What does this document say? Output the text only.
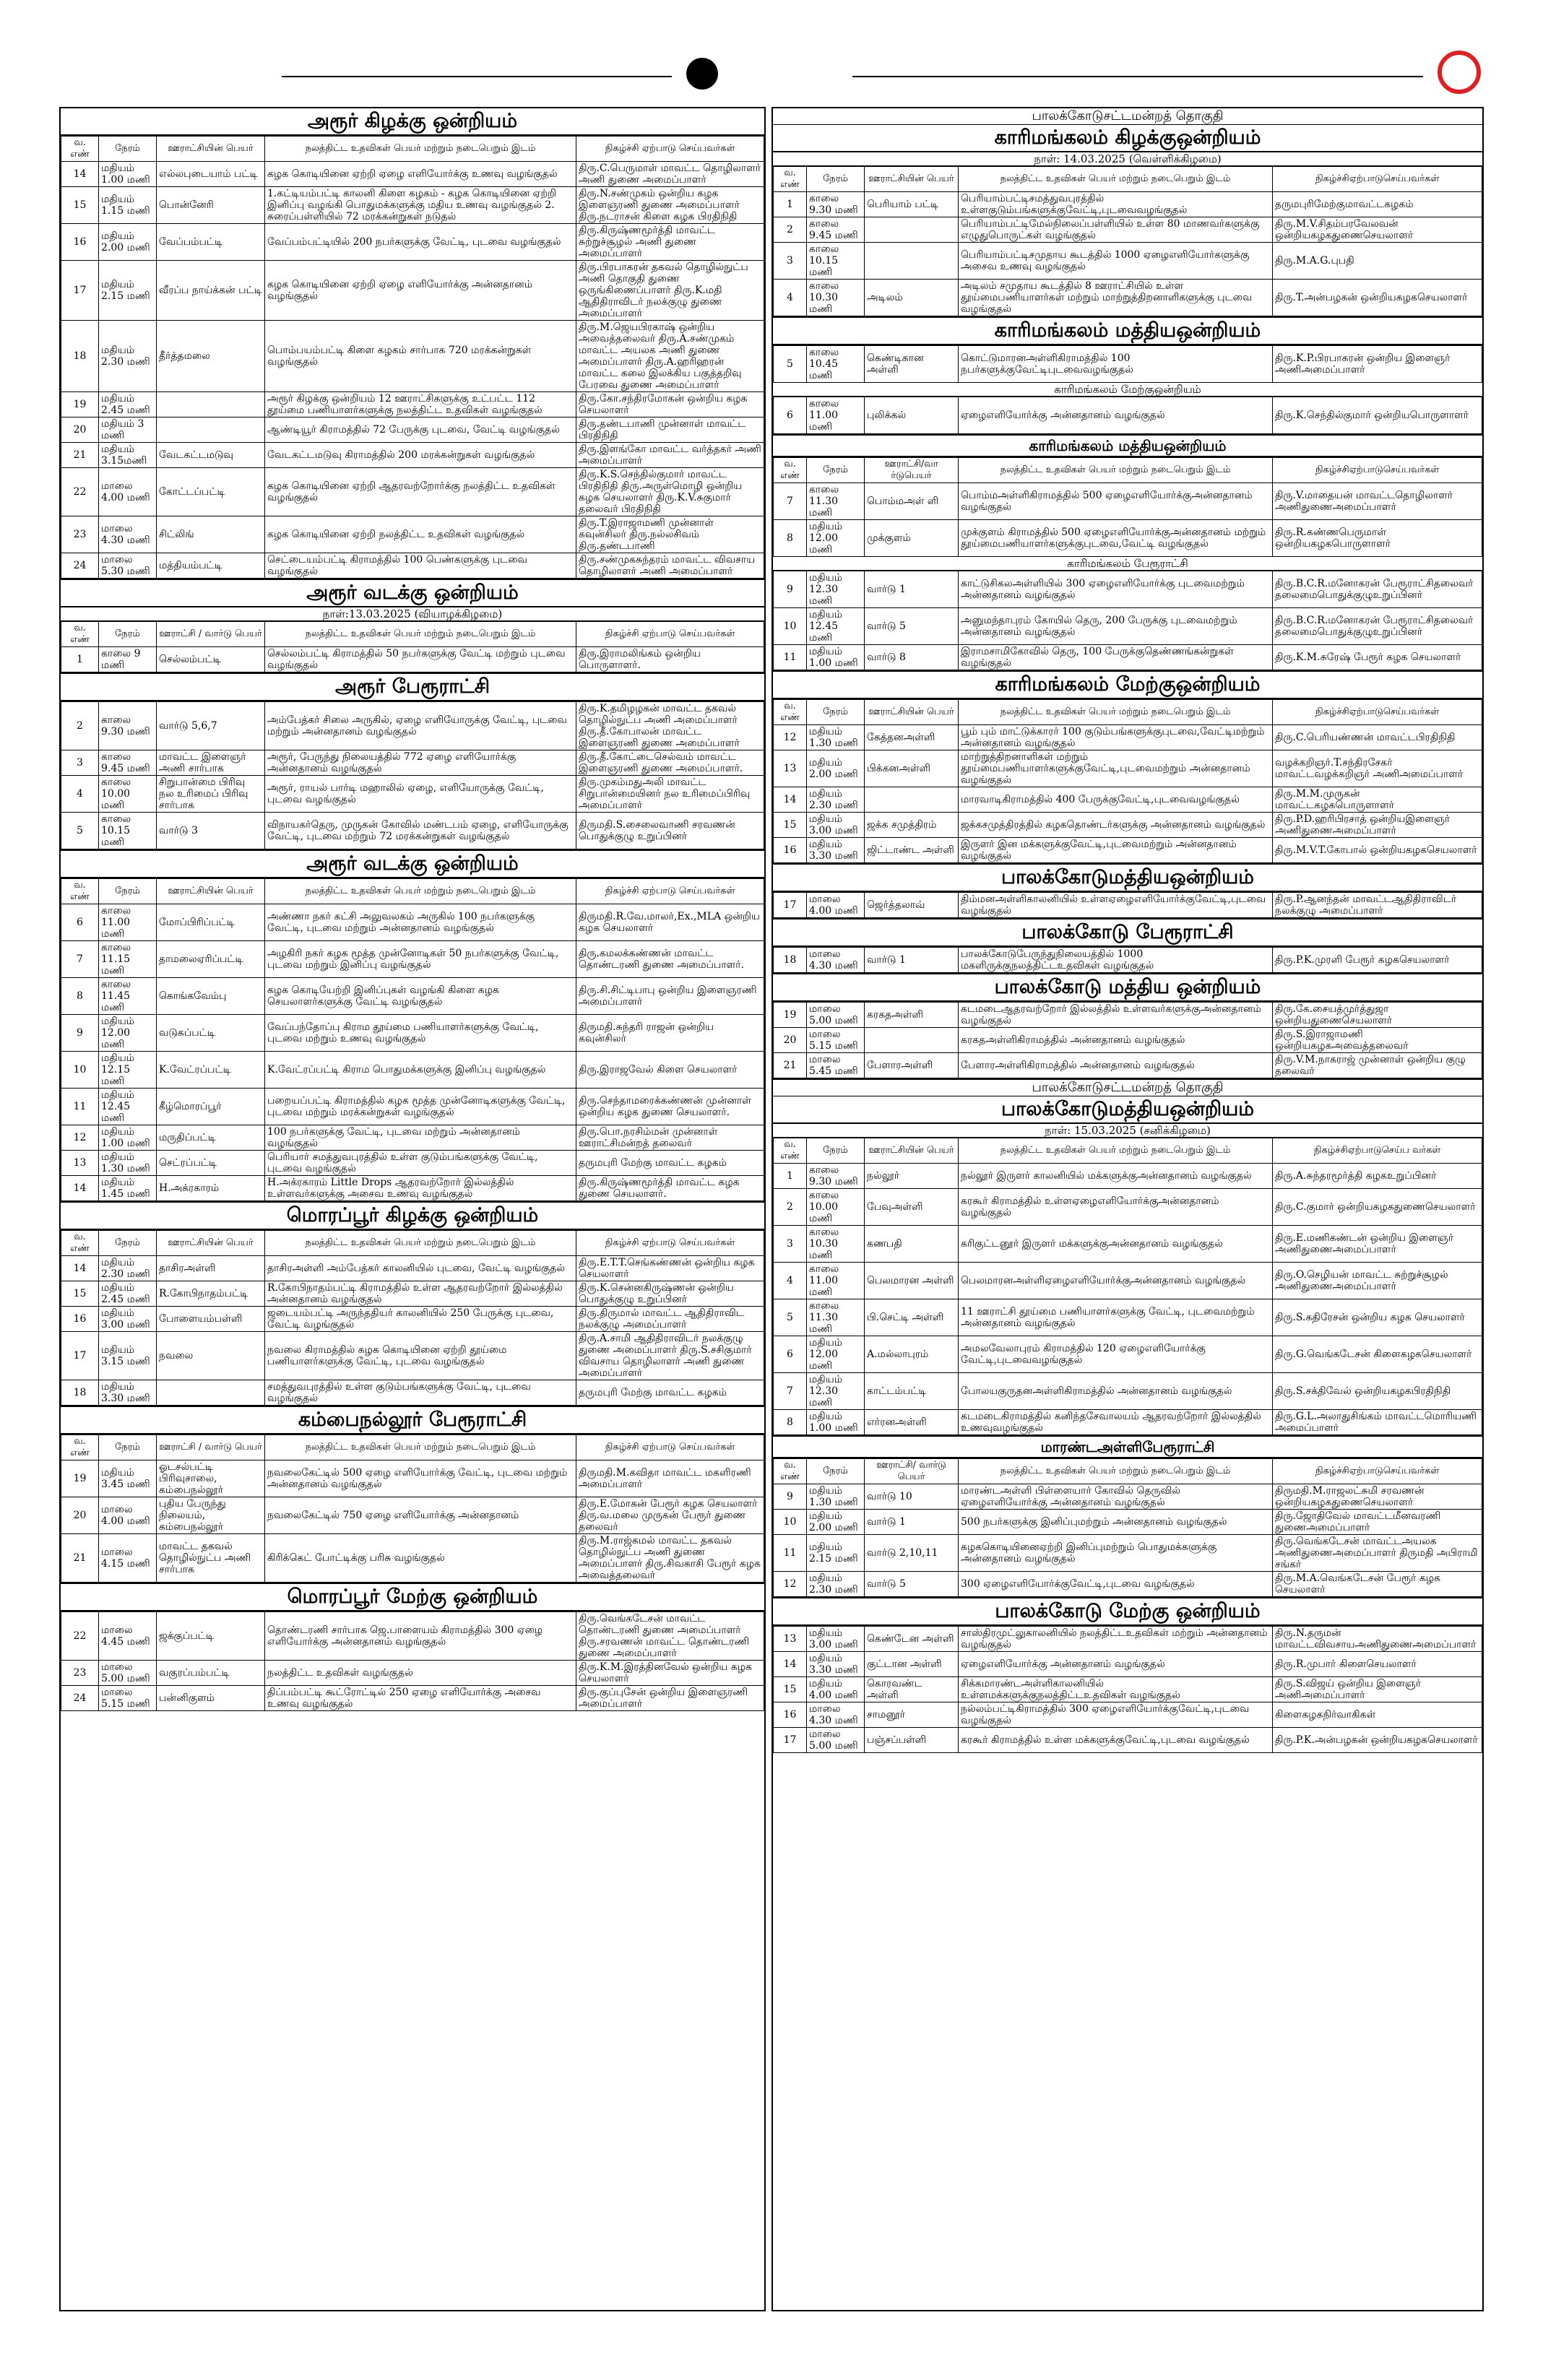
அரூர் கிழக்கு ஒன்றியம்
வ. எண்	நேரம்	ஊராட்சியின் பெயர்	நலத்திட்ட உதவிகள் பெயர் மற்றும் நடைபெறும் இடம்	நிகழ்ச்சி ஏற்பாடு செய்பவர்கள்
14	மதியம் 1.00 மணி	எல்லபுடையாம் பட்டி	கழக கொடியினை ஏற்றி ஏழை எளியோர்க்கு உணவு வழங்குதல்	திரு.C.பெருமாள் மாவட்ட தொழிலாளர் அணி துணை அமைப்பாளர்
15	மதியம் 1.15 மணி	பொன்னேரி	1.கட்டியம்பட்டி காலனி கிளை கழகம் - கழக கொடியினை ஏற்றி இனிப்பு வழங்கி பொதுமக்களுக்கு மதிய உணவு வழங்குதல் 2. சுரைப்பள்ளியில் 72 மரக்கன்றுகள் நடுதல்	திரு.N.சண்முகம் ஒன்றிய கழக இளைஞரணி துணை அமைப்பாளர் திரு.நடராசன் கிளை கழக பிரதிநிதி
16	மதியம் 2.00 மணி	வேப்பம்பட்டி	வேப்பம்பட்டியில் 200 நபர்களுக்கு வேட்டி, புடவை வழங்குதல்	திரு.கிருஷ்ணமூர்த்தி மாவட்ட சுற்றுச்சூழல் அணி துணை அமைப்பாளர்
17	மதியம் 2.15 மணி	வீரப்ப நாய்க்கன் பட்டி	கழக கொடியினை ஏற்றி ஏழை எளியோர்க்கு அன்னதானம் வழங்குதல்	திரு.பிரபாகரன் தகவல் தொழில்நுட்ப அணி தொகுதி துணை ஒருங்கிணைப்பாளர் திரு.K.மதி ஆதிதிராவிடர் நலக்குழு துணை அமைப்பாளர்
18	மதியம் 2.30 மணி	தீர்த்தமலை	பொம்பயம்பட்டி கிளை கழகம் சார்பாக 720 மரக்கன்றுகள் வழங்குதல்	திரு.M.ஜெயபிரகாஷ் ஒன்றிய அவைத்தலைவர் திரு.A.சண்முகம் மாவட்ட அயலக அணி துணை அமைப்பாளர் திரு.A.ஹரிஹரன் மாவட்ட கலை இலக்கிய பகுத்தறிவு பேரவை துணை அமைப்பாளர்
19	மதியம் 2.45 மணி		அரூர் கிழக்கு ஒன்றியம் 12 ஊராட்சிகளுக்கு உட்பட்ட 112 தூய்மை பணியாளர்களுக்கு நலத்திட்ட உதவிகள் வழங்குதல்	திரு.கோ.சந்திரமோகன் ஒன்றிய கழக செயலாளர்
20	மதியம் 3 மணி		ஆண்டியூர் கிராமத்தில் 72 பேருக்கு புடவை, வேட்டி வழங்குதல்	திரு.தண்டபாணி முன்னாள் மாவட்ட பிரதிநிதி
21	மதியம் 3.15மணி	வேடகட்டமடுவு	வேடகட்டமடுவு கிராமத்தில் 200 மரக்கன்றுகள் வழங்குதல்	திரு.இளங்கோ மாவட்ட வர்த்தகர் அணி அமைப்பாளர்
22	மாலை 4.00 மணி	கோட்டப்பட்டி	கழக கொடியினை ஏற்றி ஆதரவற்றோர்க்கு நலத்திட்ட உதவிகள் வழங்குதல்	திரு.K.S.செந்தில்குமார் மாவட்ட பிரதிநிதி திரு.அருள்மொழி ஒன்றிய கழக செயலாளர் திரு.K.V.சுகுமார் தலைவர் பிரதிநிதி
23	மாலை 4.30 மணி	சிட்லிங்	கழக கொடியினை ஏற்றி நலத்திட்ட உதவிகள் வழங்குதல்	திரு.T.இராஜாமணி முன்னாள் கவுன்சிலர் திரு.நல்லசிவம் திரு.தண்டபாணி
24	மாலை 5.30 மணி	மத்தியம்பட்டி	செட்டையம்பட்டி கிராமத்தில் 100 பெண்களுக்கு புடவை வழங்குதல்	திரு.சண்முகசுந்தரம் மாவட்ட விவசாய தொழிலாளர் அணி அமைப்பாளர்
அரூர் வடக்கு ஒன்றியம்
நாள்:13.03.2025 (வியாழக்கிழமை)
வ. எண்	நேரம்	ஊராட்சி / வார்டு பெயர்	நலத்திட்ட உதவிகள் பெயர் மற்றும் நடைபெறும் இடம்	நிகழ்ச்சி ஏற்பாடு செய்பவர்கள்
1	காலை 9 மணி	செல்லம்பட்டி	செல்லம்பட்டி கிராமத்தில் 50 நபர்களுக்கு வேட்டி மற்றும் புடவை வழங்குதல்	திரு.இராமலிங்கம் ஒன்றிய பொருளாளர்.
அரூர் பேரூராட்சி
2	காலை 9.30 மணி	வார்டு 5,6,7	அம்பேத்கர் சிலை அருகில், ஏழை எளியோருக்கு வேட்டி, புடவை மற்றும் அன்னதானம் வழங்குதல்	திரு.K.தமிழழகன் மாவட்ட தகவல் தொழில்நுட்ப அணி அமைப்பாளர் திரு.தீ.கோபாலன் மாவட்ட இளைஞரணி துணை அமைப்பாளர்
3	காலை 9.45 மணி	மாவட்ட இளைஞர் அணி சார்பாக	அரூர், பேருந்து நிலையத்தில் 772 ஏழை எளியோர்க்கு அன்னதானம் வழங்குதல்	திரு.தீ.கோட்டைசெல்வம் மாவட்ட இளைஞரணி துணை அமைப்பாளர்.
4	காலை 10.00 மணி	சிறுபான்மை பிரிவு நல உரிமைப் பிரிவு சார்பாக	அரூர், ராயல் பார்டி மஹாலில் ஏழை, எளியோருக்கு வேட்டி, புடவை வழங்குதல்	திரு.முகம்மதுஅலி மாவட்ட சிறுபான்மையினர் நல உரிமைப்பிரிவு அமைப்பாளர்
5	காலை 10.15 மணி	வார்டு 3	விநாயகர்தெரு, முருகன் கோவில் மண்டபம் ஏழை, எளியோருக்கு வேட்டி, புடவை மற்றும் 72 மரக்கன்றுகள் வழங்குதல்	திருமதி.S.சைலைவாணி சரவணன் பொதுக்குழு உறுப்பினர்
அரூர் வடக்கு ஒன்றியம்
வ. எண்	நேரம்	ஊராட்சியின் பெயர்	நலத்திட்ட உதவிகள் பெயர் மற்றும் நடைபெறும் இடம்	நிகழ்ச்சி ஏற்பாடு செய்பவர்கள்
6	காலை 11.00 மணி	மோப்பிரிப்பட்டி	அண்ணா நகர் கட்சி அலுவலகம் அருகில் 100 நபர்களுக்கு வேட்டி, புடவை மற்றும் அன்னதானம் வழங்குதல்	திருமதி.R.வே.மாலர்,Ex.,MLA ஒன்றிய கழக செயலாளர்
7	காலை 11.15 மணி	தாமலைஏரிப்பட்டி	அழகிரி நகர் கழக மூத்த முன்னோடிகள் 50 நபர்களுக்கு வேட்டி, புடவை மற்றும் இனிப்பு வழங்குதல்	திரு.கமலக்கண்ணன் மாவட்ட தொண்டரணி துணை அமைப்பாளர்.
8	காலை 11.45 மணி	கொங்கவேம்பு	கழக கொடியேற்றி இனிப்புகள் வழங்கி கிளை கழக செயலாளர்களுக்கு வேட்டி வழங்குதல்	திரு.சி.சிட்டிபாபு ஒன்றிய இளைஞரணி அமைப்பாளர்
9	மதியம் 12.00 மணி	வடுகப்பட்டி	வேப்பந்தோப்பு கிராம தூய்மை பணியாளர்களுக்கு வேட்டி, புடவை மற்றும் உணவு வழங்குதல்	திருமதி.சுந்தரி ராஜன் ஒன்றிய கவுன்சிலர்
10	மதியம் 12.15 மணி	K.வேட்ரப்பட்டி	K.வேட்ரப்பட்டி கிராம பொதுமக்களுக்கு இனிப்பு வழங்குதல்	திரு.இராஜவேல் கிளை செயலாளர்
11	மதியம் 12.45 மணி	கீழ்மொரப்பூர்	பறையப்பட்டி கிராமத்தில் கழக மூத்த முன்னோடிகளுக்கு வேட்டி, புடவை மற்றும் மரக்கன்றுகள் வழங்குதல்	திரு.செந்தாமரைக்கண்ணன் முன்னாள் ஒன்றிய கழக துணை செயலாளர்.
12	மதியம் 1.00 மணி	மருதிப்பட்டி	100 நபர்களுக்கு வேட்டி, புடவை மற்றும் அன்னதானம் வழங்குதல்	திரு.பொ.நரசிம்மன் முன்னாள் ஊராட்சிமன்றத் தலைவர்
13	மதியம் 1.30 மணி	செட்ரப்பட்டி	பெரியார் சமத்துவபுரத்தில் உள்ள குடும்பங்களுக்கு வேட்டி, புடவை வழங்குதல்	தருமபுரி மேற்கு மாவட்ட கழகம்
14	மதியம் 1.45 மணி	H.அக்ரகாரம்	H.அக்ரகாரம் Little Drops ஆதரவற்றோர் இல்லத்தில் உள்ளவர்களுக்கு அசைவ உணவு வழங்குதல்	திரு.கிருஷ்ணமூர்த்தி மாவட்ட கழக துணை செயலாளர்.
மொரப்பூர் கிழக்கு ஒன்றியம்
வ. எண்	நேரம்	ஊராட்சியின் பெயர்	நலத்திட்ட உதவிகள் பெயர் மற்றும் நடைபெறும் இடம்	நிகழ்ச்சி ஏற்பாடு செய்பவர்கள்
14	மதியம் 2.30 மணி	தாசிரஅள்ளி	தாசிரஅள்ளி அம்பேத்கர் காலனியில் புடவை, வேட்டி வழங்குதல்	திரு.E.T.T.செங்கண்ணன் ஒன்றிய கழக செயலாளர்
15	மதியம் 2.45 மணி	R.கோபிநாதம்பட்டி	R.கோபிநாதம்பட்டி கிராமத்தில் உள்ள ஆதரவற்றோர் இல்லத்தில் அன்னதானம் வழங்குதல்	திரு.K.சென்னகிருஷ்ணன் ஒன்றிய பொதுக்குழு உறுப்பினர்
16	மதியம் 3.00 மணி	போளையம்பள்ளி	ஜடையம்பட்டி அருந்ததியர் காலனியில் 250 பேருக்கு புடவை, வேட்டி வழங்குதல்	திரு.திருமால் மாவட்ட ஆதிதிராவிட நலக்குழு அமைப்பாளர்
17	மதியம் 3.15 மணி	நவலை	நவலை கிராமத்தில் கழக கொடியினை ஏற்றி தூய்மை பணியாளர்களுக்கு வேட்டி, புடவை வழங்குதல்	திரு.A.சாமி ஆதிதிராவிடர் நலக்குழு துணை அமைப்பாளர் திரு.S.சசிகுமார் விவசாய தொழிலாளர் அணி துணை அமைப்பாளர்
18	மதியம் 3.30 மணி		சமத்துவபுரத்தில் உள்ள குடும்பங்களுக்கு வேட்டி, புடவை வழங்குதல்	தருமபுரி மேற்கு மாவட்ட கழகம்
கம்பைநல்லூர் பேரூராட்சி
வ. எண்	நேரம்	ஊராட்சி / வார்டு பெயர்	நலத்திட்ட உதவிகள் பெயர் மற்றும் நடைபெறும் இடம்	நிகழ்ச்சி ஏற்பாடு செய்பவர்கள்
19	மதியம் 3.45 மணி	ஓடசல்பட்டி பிரிவுசாலை, கம்பைநல்லூர்	நவலைகேட்டில் 500 ஏழை எளியோர்க்கு வேட்டி, புடவை மற்றும் அன்னதானம் வழங்குதல்	திருமதி.M.கவிதா மாவட்ட மகளிரணி அமைப்பாளர்
20	மாலை 4.00 மணி	புதிய பேருந்து நிலையம், கம்பைநல்லூர்	நவலைகேட்டில் 750 ஏழை எளியோர்க்கு அன்னதானம்	திரு.E.மோகன் பேரூர் கழக செயலாளர் திரு.வ.மலை முருகன் பேரூர் துணை தலைவர்
21	மாலை 4.15 மணி	மாவட்ட தகவல் தொழில்நுட்ப அணி சார்பாக	கிரிக்கெட் போட்டிக்கு பரிசு வழங்குதல்	திரு.M.ராஜ்கமல் மாவட்ட தகவல் தொழில்நுட்ப அணி துணை அமைப்பாளர் திரு.சிவகாசி பேரூர் கழக அவைத்தலைவர்
மொரப்பூர் மேற்கு ஒன்றியம்
22	மாலை 4.45 மணி	ஜக்குப்பட்டி	தொண்டரணி சார்பாக ஜெ.பாளையம் கிராமத்தில் 300 ஏழை எளியோர்க்கு அன்னதானம் வழங்குதல்	திரு.வெங்கடேசன் மாவட்ட தொண்டரணி துணை அமைப்பாளர் திரு.சரவணன் மாவட்ட தொண்டரணி துணை அமைப்பாளர்
23	மாலை 5.00 மணி	வகுரப்பம்பட்டி	நலத்திட்ட உதவிகள் வழங்குதல்	திரு.K.M.இரத்தினவேல் ஒன்றிய கழக செயலாளர்
24	மாலை 5.15 மணி	பன்னிகுளம்	திப்பம்பட்டி கூட்ரோட்டில் 250 ஏழை எளியோர்க்கு அசைவ உணவு வழங்குதல்	திரு.குப்புசேன் ஒன்றிய இளைஞரணி அமைப்பாளர்
பாலக்கோடுசட்டமன்றத் தொகுதி
காரிமங்கலம் கிழக்குஒன்றியம்
நாள்: 14.03.2025 (வெள்ளிக்கிழமை)
வ. எண்	நேரம்	ஊராட்சியின் பெயர்	நலத்திட்ட உதவிகள் பெயர் மற்றும் நடைபெறும் இடம்	நிகழ்ச்சிஏற்பாடுசெய்பவர்கள்
1	காலை 9.30 மணி	பெரியாம் பட்டி	பெரியாம்பட்டிசமத்துவபுரத்தில் உள்ளகுடும்பங்களுக்குவேட்டி,புடவைவழங்குதல்	தருமபுரிமேற்குமாவட்டகழகம்
2	காலை 9.45 மணி		பெரியாம்பட்டிமேல்நிலைப்பள்ளியில் உள்ள 80 மாணவர்களுக்கு எழுதுபொருட்கள் வழங்குதல்	திரு.M.V.சிதம்பரவேலவன் ஒன்றியகழகதுணைசெயலாளர்
3	காலை 10.15 மணி		பெரியாம்பட்டிசமுதாய கூடத்தில் 1000 ஏழைஎளியோர்களுக்கு அசைவ உணவு வழங்குதல்	திரு.M.A.G.புபதி
4	காலை 10.30 மணி	அடிலம்	அடிலம் சமுதாய கூடத்தில் 8 ஊராட்சியில் உள்ள தூய்மைபணியாளர்கள் மற்றும் மாற்றுத்திறனாளிகளுக்கு புடவை வழங்குதல்	திரு.T.அன்பழகன் ஒன்றியகழகசெயலாளர்
காரிமங்கலம் மத்தியஒன்றியம்
5	காலை 10.45 மணி	கெண்டிகான அள்ளி	கொட்டுமாரனஅள்ளிகிராமத்தில் 100 நபர்களுக்குவேட்டிபுடவைவழங்குதல்	திரு.K.P.பிரபாகரன் ஒன்றிய இளைஞர் அணிஅமைப்பாளர்
காரிமங்கலம் மேற்குஒன்றியம்
6	காலை 11.00 மணி	புலிக்கல்	ஏழைஎளியோர்க்கு அன்னதானம் வழங்குதல்	திரு.K.செந்தில்குமார் ஒன்றியபொருளாளர்
காரிமங்கலம் மத்தியஒன்றியம்
வ. எண்	நேரம்	ஊராட்சி/வா ர்டுபெயர்	நலத்திட்ட உதவிகள் பெயர் மற்றும் நடைபெறும் இடம்	நிகழ்ச்சிஏற்பாடுசெய்பவர்கள்
7	காலை 11.30 மணி	பொம்மஅள் ளி	பொம்மஅள்ளிகிராமத்தில் 500 ஏழைஎளியோர்க்குஅன்னதானம் வழங்குதல்	திரு.V.மாதையன் மாவட்டதொழிலாளர் அணிதுணைஅமைப்பாளர்
8	மதியம் 12.00 மணி	முக்குளம்	முக்குளம் கிராமத்தில் 500 ஏழைஎளியோர்க்குஅன்னதானம் மற்றும் தூய்மைபணியாளர்களுக்குபுடவை,வேட்டி வழங்குதல்	திரு.R.கண்ணபெருமாள் ஒன்றியகழகபொருளாளர்
காரிமங்கலம் பேரூராட்சி
9	மதியம் 12.30 மணி	வார்டு 1	காட்டுசிகலஅள்ளியில் 300 ஏழைஎளியோர்க்கு புடவைமற்றும் அன்னதானம் வழங்குதல்	திரு.B.C.R.மனோகரன் பேரூராட்சிதலைவர் தலைமைபொதுக்குழுஉறுப்பினர்
10	மதியம் 12.45 மணி	வார்டு 5	அனுமந்தாபுரம் கோயில் தெரு, 200 பேருக்கு புடவைமற்றும் அன்னதானம் வழங்குதல்	திரு.B.C.R.மனோகரன் பேரூராட்சிதலைவர் தலைமைபொதுக்குழுஉறுப்பினர்
11	மதியம் 1.00 மணி	வார்டு 8	இராமசாமிகோவில் தெரு, 100 பேருக்குதெண்ணங்கன்றுகள் வழங்குதல்	திரு.K.M.சுரேஷ் பேரூர் கழக செயலாளர்
காரிமங்கலம் மேற்குஒன்றியம்
வ. எண்	நேரம்	ஊராட்சியின் பெயர்	நலத்திட்ட உதவிகள் பெயர் மற்றும் நடைபெறும் இடம்	நிகழ்ச்சிஏற்பாடுசெய்பவர்கள்
12	மதியம் 1.30 மணி	கேத்தனஅள்ளி	பூம் பும் மாட்டுக்காரர் 100 குடும்பங்களுக்குபுடவை,வேட்டிமற்றும் அன்னதானம் வழங்குதல்	திரு.C.பெரியண்ணன் மாவட்டபிரதிநிதி
13	மதியம் 2.00 மணி	பிக்கனஅள்ளி	மாற்றுத்திறனாளிகள் மற்றும் தூய்மைபணியாளர்களுக்குவேட்டி,புடவைமற்றும் அன்னதானம் வழங்குதல்	வழக்கறிஞர்.T.சந்திரசேகர் மாவட்டவழக்கறிஞர் அணிஅமைப்பாளர்
14	மதியம் 2.30 மணி		மாரவாடிகிராமத்தில் 400 பேருக்குவேட்டி,புடவைவழங்குதல்	திரு.M.M.முருகன் மாவட்டகழகபொருளாளர்
15	மதியம் 3.00 மணி	ஜக்க சமுத்திரம்	ஜக்கசமுத்திரத்தில் கழகதொண்டர்களுக்கு அன்னதானம் வழங்குதல்	திரு.P.D.ஹரிபிரசாத் ஒன்றியஇளைஞர் அணிதுணைஅமைப்பாளர்
16	மதியம் 3.30 மணி	ஜிட்டாண்ட அள்ளி	இருளர் இன மக்களுக்குவேட்டி,புடவைமற்றும் அன்னதானம் வழங்குதல்	திரு.M.V.T.கோபால் ஒன்றியகழகசெயலாளர்
பாலக்கோடுமத்தியஒன்றியம்
17	மாலை 4.00 மணி	ஜெர்த்தலாவ்	திம்மனஅள்ளிகாலனியில் உள்ளஏழைஎளியோர்க்குவேட்டி,புடவை வழங்குதல்	திரு.P.ஆனந்தன் மாவட்டஆதிதிராவிடர் நலக்குழு அமைப்பாளர்
பாலக்கோடு பேரூராட்சி
18	மாலை 4.30 மணி	வார்டு 1	பாலக்கோடுபேருந்துநிலையத்தில் 1000 மகளிருக்குநலத்திட்டஉதவிகள் வழங்குதல்	திரு.P.K.முரளி பேரூர் கழகசெயலாளர்
பாலக்கோடு மத்திய ஒன்றியம்
19	மாலை 5.00 மணி	கரகதஅள்ளி	கடமடைஆதரவற்றோர் இல்லத்தில் உள்ளவர்களுக்குஅன்னதானம் வழங்குதல்	திரு.கே.சையத்முர்த்துஜா ஒன்றியதுணைசெயலாளர்
20	மாலை 5.15 மணி		கரகதஅள்ளிகிராமத்தில் அன்னதானம் வழங்குதல்	திரு.S.இராஜாமணி ஒன்றியகழகஅவைத்தலைவர்
21	மாலை 5.45 மணி	பேளாரஅள்ளி	பேளாரஅள்ளிகிராமத்தில் அன்னதானம் வழங்குதல்	திரு.V.M.நாகராஜ் முன்னாள் ஒன்றிய குழு தலைவர்
பாலக்கோடுசட்டமன்றத் தொகுதி
பாலக்கோடுமத்தியஒன்றியம்
நாள்: 15.03.2025 (சனிக்கிழமை)
வ. எண்	நேரம்	ஊராட்சியின் பெயர்	நலத்திட்ட உதவிகள் பெயர் மற்றும் நடைபெறும் இடம்	நிகழ்ச்சிஏற்பாடுசெய்ப வர்கள்
1	காலை 9.30 மணி	நல்லூர்	நல்லூர் இருளர் காலனியில் மக்களுக்குஅன்னதானம் வழங்குதல்	திரு.A.சுந்தரமூர்த்தி கழகஉறுப்பினர்
2	காலை 10.00 மணி	பேவுஅள்ளி	கரகூர் கிராமத்தில் உள்ளஏழைஎளியோர்க்குஅன்னதானம் வழங்குதல்	திரு.C.குமார் ஒன்றியகழகதுணைசெயலாளர்
3	காலை 10.30 மணி	கணபதி	கரிகுட்டனூர் இருளர் மக்களுக்குஅன்னதானம் வழங்குதல்	திரு.E.மணிகண்டன் ஒன்றிய இளைஞர் அணிதுணைஅமைப்பாளர்
4	காலை 11.00 மணி	பெலமாரன அள்ளி	பெலமாரனஅள்ளிஏழைஎளியோர்க்குஅன்னதானம் வழங்குதல்	திரு.O.செழியன் மாவட்ட சுற்றுச்சூழல் அணிதுணைஅமைப்பாளர்
5	காலை 11.30 மணி	பி.செட்டி அள்ளி	11 ஊராட்சி தூய்மை பணியாளர்களுக்கு வேட்டி, புடவைமற்றும் அன்னதானம் வழங்குதல்	திரு.S.கதிரேசன் ஒன்றிய கழக செயலாளர்
6	மதியம் 12.00 மணி	A.மல்லாபுரம்	அமலவேலாபுரம் கிராமத்தில் 120 ஏழைஎளியோர்க்கு வேட்டி,புடவைவழங்குதல்	திரு.G.வெங்கடேசன் கிளைகழகசெயலாளர்
7	மதியம் 12.30 மணி	காட்டம்பட்டி	போலயகுருதனஅள்ளிகிராமத்தில் அன்னதானம் வழங்குதல்	திரு.S.சக்திவேல் ஒன்றியகழகபிரதிநிதி
8	மதியம் 1.00 மணி	எர்ரனஅள்ளி	கடமடைகிராமத்தில் கனிந்தசேவாலயம் ஆதரவற்றோர் இல்லத்தில் உணவுவழங்குதல்	திரு.G.L.அலாதுசிங்கம் மாவட்டமொரியணி அமைப்பாளர்
மாரண்டஅள்ளிபேரூராட்சி
வ. எண்	நேரம்	ஊராட்சி/ வார்டு பெயர்	நலத்திட்ட உதவிகள் பெயர் மற்றும் நடைபெறும் இடம்	நிகழ்ச்சிஏற்பாடுசெய்பவர்கள்
9	மதியம் 1.30 மணி	வார்டு 10	மாரண்டஅள்ளி பிள்ளையார் கோவில் தெருவில் ஏழைஎளியோர்க்கு அன்னதானம் வழங்குதல்	திருமதி.M.ராஜலட்சுமி சரவணன் ஒன்றியகழகதுணைசெயலாளர்
10	மதியம் 2.00 மணி	வார்டு 1	500 நபர்களுக்கு இனிப்புமற்றும் அன்னதானம் வழங்குதல்	திரு.ஜோதிவேல் மாவட்டமீனவரணி துணைஅமைப்பாளர்
11	மதியம் 2.15 மணி	வார்டு 2,10,11	கழககொடியினைஏற்றி இனிப்புமற்றும் பொதுமக்களுக்கு அன்னதானம் வழங்குதல்	திரு.வெங்கடேசன் மாவட்டஅயலக அணிதுணைஅமைப்பாளர் திருமதி அபிராமி சங்கர்
12	மதியம் 2.30 மணி	வார்டு 5	300 ஏழைஎளியோர்க்குவேட்டி,புடவை வழங்குதல்	திரு.M.A.வெங்கடேசன் பேரூர் கழக செயலாளர்
பாலக்கோடு மேற்கு ஒன்றியம்
13	மதியம் 3.00 மணி	கெண்டேன அள்ளி	சாஸ்திரமுட்லுகாலனியில் நலத்திட்டஉதவிகள் மற்றும் அன்னதானம் வழங்குதல்	திரு.N.தருமன் மாவட்டவிவசாயஅணிதுணைஅமைப்பாளர்
14	மதியம் 3.30 மணி	குட்டான அள்ளி	ஏழைஎளியோர்க்கு அன்னதானம் வழங்குதல்	திரு.R.முபார் கிளைசெயலாளர்
15	மதியம் 4.00 மணி	கொரவண்ட அள்ளி	சிக்கமாரண்டஅள்ளிகாலனியில் உள்ளமக்களுக்குநலத்திட்டஉதவிகள் வழங்குதல்	திரு.S.விஜய் ஒன்றிய இளைஞர் அணிஅமைப்பாளர்
16	மாலை 4.30 மணி	சாமனூர்	நல்லம்பட்டிகிராமத்தில் 300 ஏழைஎளியோர்க்குவேட்டி,புடவை வழங்குதல்	கிளைகழகநிர்வாகிகள்
17	மாலை 5.00 மணி	பஞ்சப்பள்ளி	கரகூர் கிராமத்தில் உள்ள மக்களுக்குவேட்டி,புடவை வழங்குதல்	திரு.P.K.அன்பழகன் ஒன்றியகழகசெயலாளர்
